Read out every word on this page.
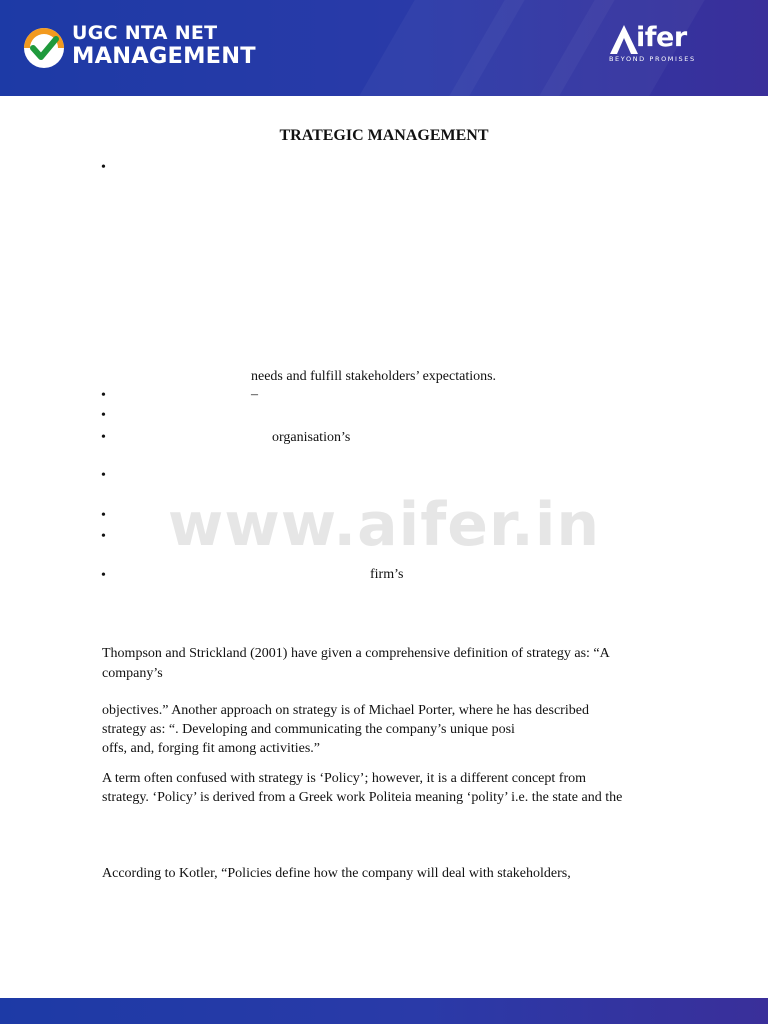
UGC NTA NET
MANAGEMENT
ifer
BEYOND PROMISES
TRATEGIC MANAGEMENT
•
needs and fulfill stakeholders’ expectations.
•	–
•
•	organisation’s
•
www.aifer.in
•
•
•	firm’s
Thompson and Strickland (2001) have given a comprehensive definition of strategy as: “A
company’s
objectives.” Another approach on strategy is of Michael Porter, where he has described
strategy as: “. Developing and communicating the company’s unique posi
offs, and, forging fit among activities.”
A term often confused with strategy is ‘Policy’; however, it is a different concept from
strategy. ‘Policy’ is derived from a Greek work Politeia meaning ‘polity’ i.e. the state and the
According to Kotler, “Policies define how the company will deal with stakeholders,
